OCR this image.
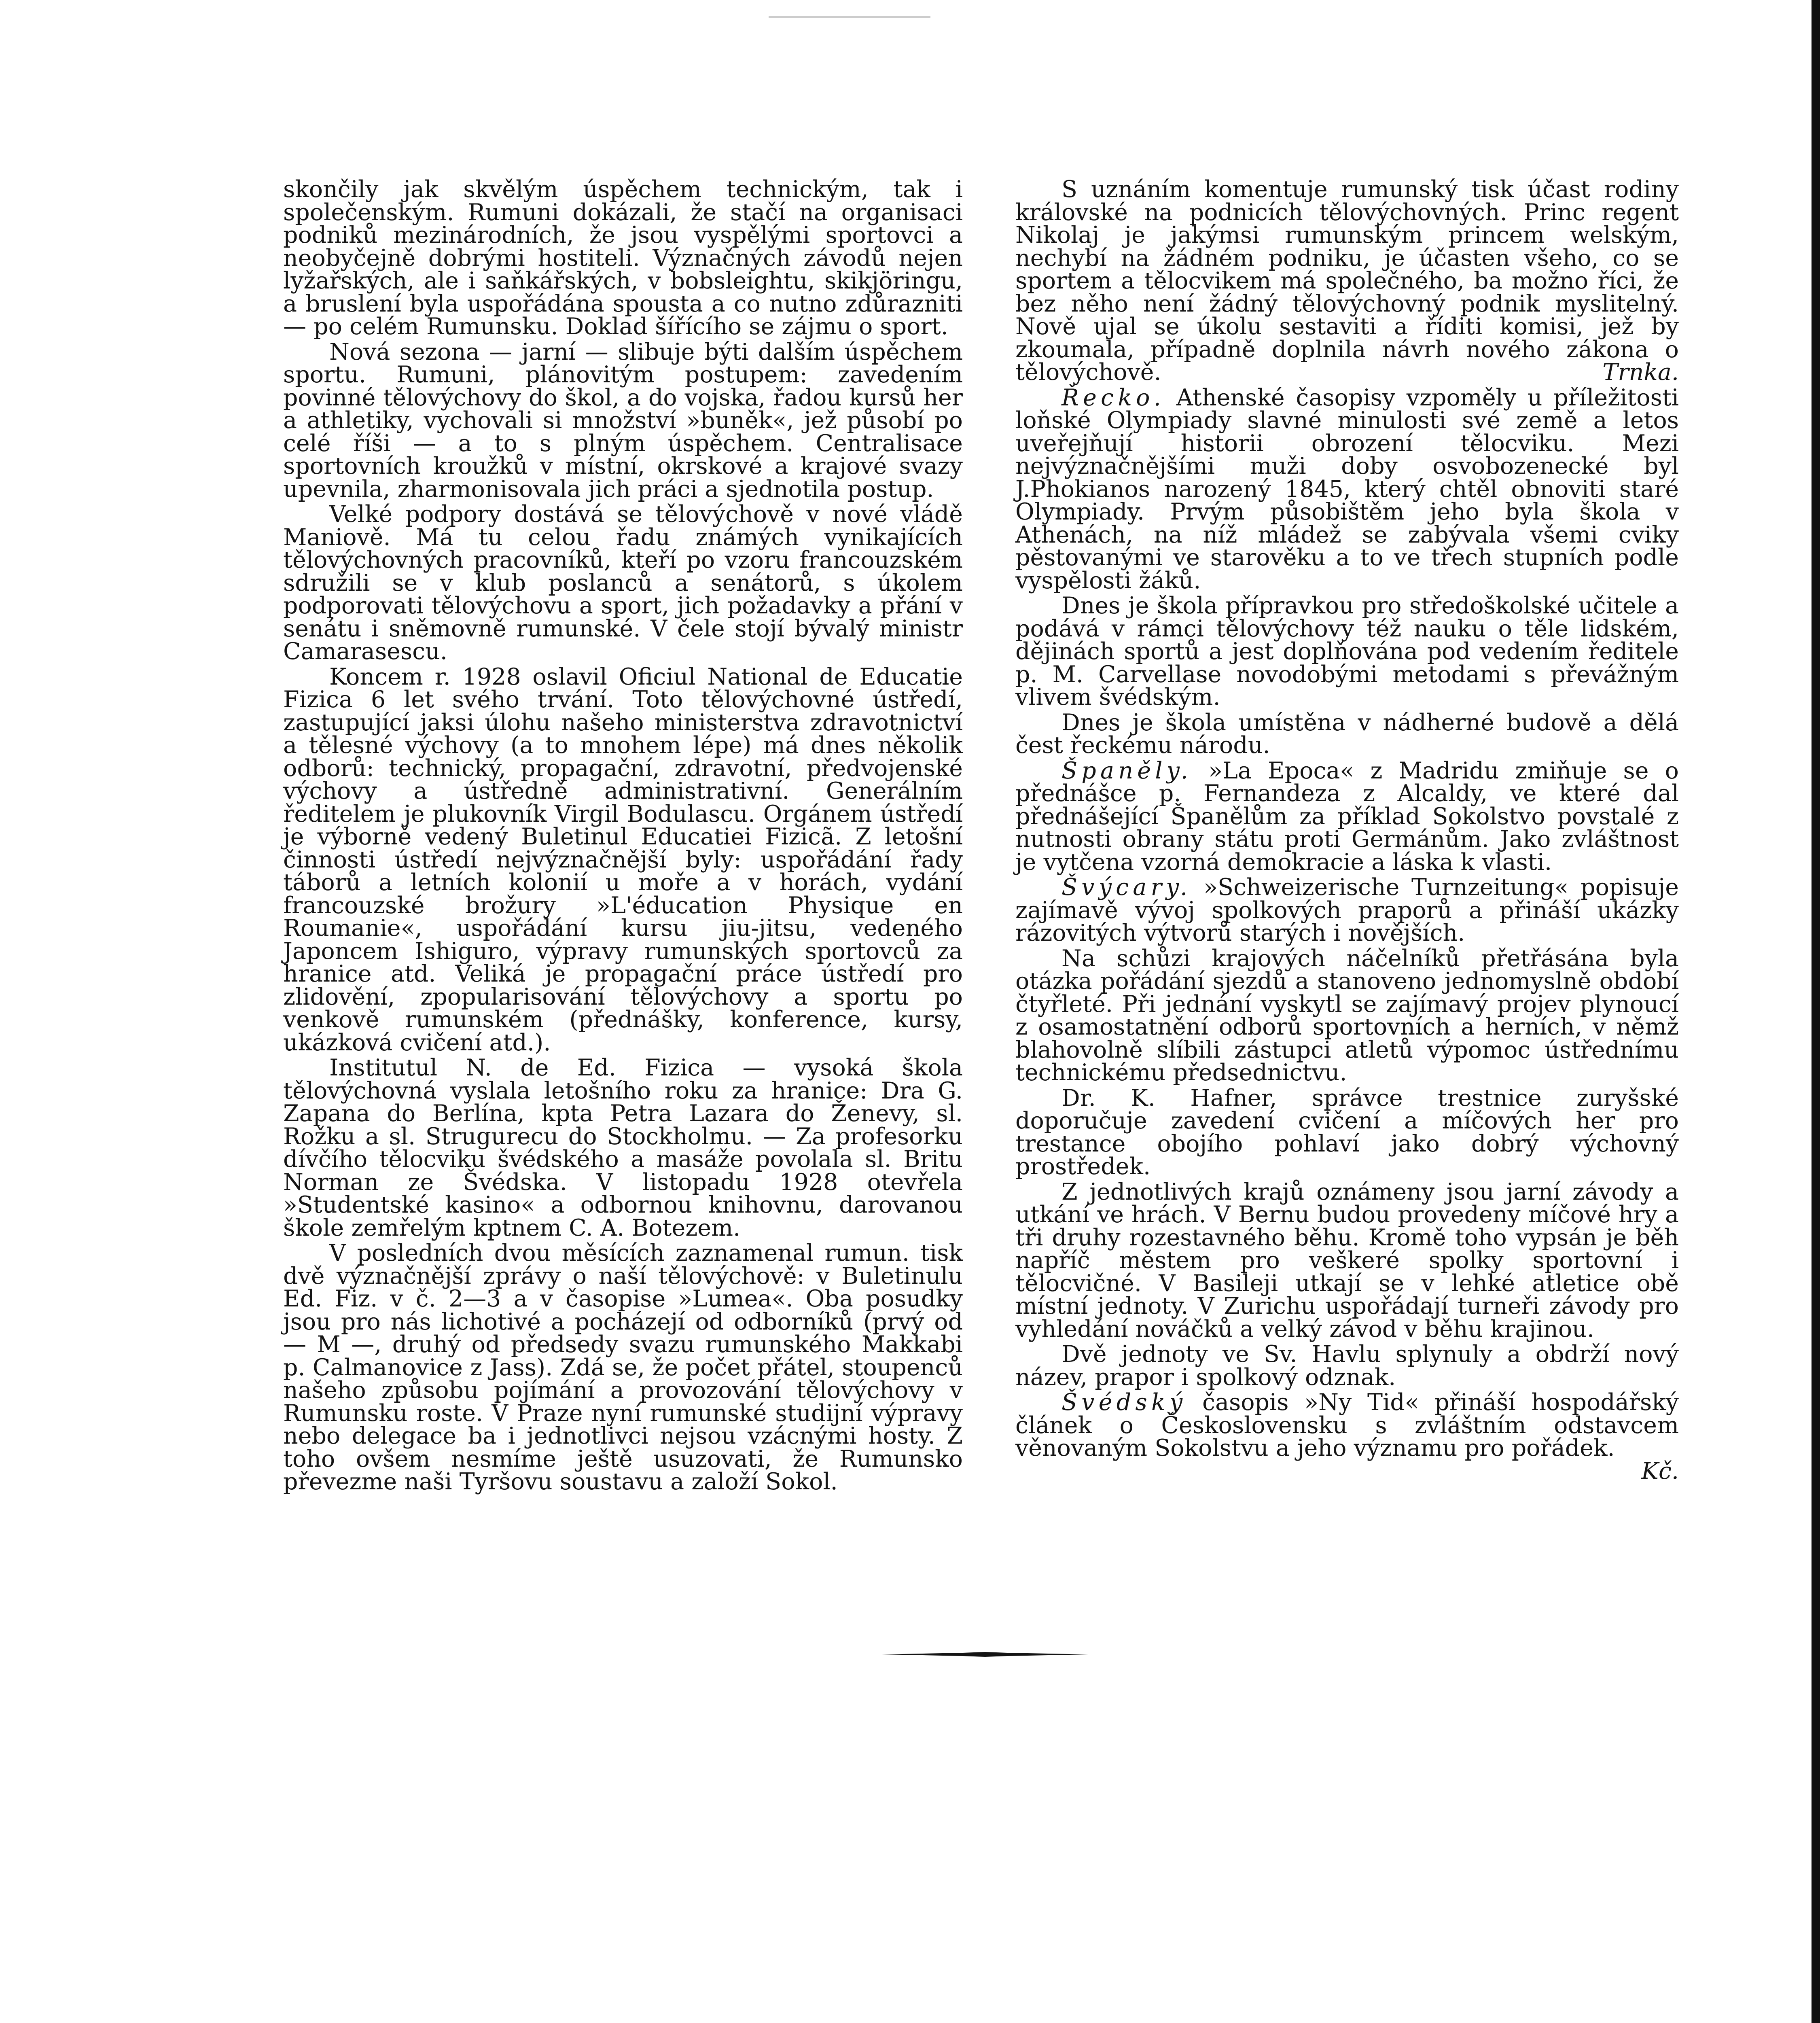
skončily jak skvělým úspěchem technickým, tak i společenským. Rumuni dokázali, že stačí na organisaci podniků mezinárodních, že jsou vyspělými sportovci a neobyčejně dobrými hostiteli. Význačných závodů nejen lyžařských, ale i saňkářských, v bobsleightu, skikjöringu, a bruslení byla uspořádána spousta a co nutno zdůrazniti — po celém Rumunsku. Doklad šířícího se zájmu o sport.

Nová sezona — jarní — slibuje býti dalším úspěchem sportu. Rumuni, plánovitým postupem: zavedením povinné tělovýchovy do škol, a do vojska, řadou kursů her a athletiky, vychovali si množství »buněk«, jež působí po celé říši — a to s plným úspěchem. Centralisace sportovních kroužků v místní, okrskové a krajové svazy upevnila, zharmonisovala jich práci a sjednotila postup.

Velké podpory dostává se tělovýchově v nové vládě Maniově. Má tu celou řadu známých vynikajících tělovýchovných pracovníků, kteří po vzoru francouzském sdružili se v klub poslanců a senátorů, s úkolem podporovati tělovýchovu a sport, jich požadavky a přání v senátu i sněmovně rumunské. V čele stojí bývalý ministr Camarasescu.

Koncem r. 1928 oslavil Oficiul National de Educatie Fizica 6 let svého trvání. Toto tělovýchovné ústředí, zastupující jaksi úlohu našeho ministerstva zdravotnictví a tělesné výchovy (a to mnohem lépe) má dnes několik odborů: technický, propagační, zdravotní, předvojenské výchovy a ústředně administrativní. Generálním ředitelem je plukovník Virgil Bodulascu. Orgánem ústředí je výborně vedený Buletinul Educatiei Fizicã. Z letošní činnosti ústředí nejvýznačnější byly: uspořádání řady táborů a letních kolonií u moře a v horách, vydání francouzské brožury »L'éducation Physique en Roumanie«, uspořádání kursu jiu-jitsu, vedeného Japoncem Ishiguro, výpravy rumunských sportovců za hranice atd. Veliká je propagační práce ústředí pro zlidovění, zpopularisování tělovýchovy a sportu po venkově rumunském (přednášky, konference, kursy, ukázková cvičení atd.).

Institutul N. de Ed. Fizica — vysoká škola tělovýchovná vyslala letošního roku za hranice: Dra G. Zapana do Berlína, kpta Petra Lazara do Ženevy, sl. Rožku a sl. Strugurecu do Stockholmu. — Za profesorku dívčího tělocviku švédského a masáže povolala sl. Britu Norman ze Švédska. V listopadu 1928 otevřela »Studentské kasino« a odbornou knihovnu, darovanou škole zemřelým kptnem C. A. Botezem.

V posledních dvou měsících zaznamenal rumun. tisk dvě význačnější zprávy o naší tělovýchově: v Buletinulu Ed. Fiz. v č. 2—3 a v časopise »Lumea«. Oba posudky jsou pro nás lichotivé a pocházejí od odborníků (prvý od — M —, druhý od předsedy svazu rumunského Makkabi p. Calmanovice z Jass). Zdá se, že počet přátel, stoupenců našeho způsobu pojímání a provozování tělovýchovy v Rumunsku roste. V Praze nyní rumunské studijní výpravy nebo delegace ba i jednotlivci nejsou vzácnými hosty. Z toho ovšem nesmíme ještě usuzovati, že Rumunsko převezme naši Tyršovu soustavu a založí Sokol.

S uznáním komentuje rumunský tisk účast rodiny královské na podnicích tělovýchovných. Princ regent Nikolaj je jakýmsi rumunským princem welským, nechybí na žádném podniku, je účasten všeho, co se sportem a tělocvikem má společného, ba možno říci, že bez něho není žádný tělovýchovný podnik myslitelný. Nově ujal se úkolu sestaviti a říditi komisi, jež by zkoumala, případně doplnila návrh nového zákona o tělovýchově.	Trnka.

Řecko. Athenské časopisy vzpoměly u příležitosti loňské Olympiady slavné minulosti své země a letos uveřejňují historii obrození tělocviku. Mezi nejvýznačnějšími muži doby osvobozenecké byl J.Phokianos narozený 1845, který chtěl obnoviti staré Olympiady. Prvým působištěm jeho byla škola v Athenách, na níž mládež se zabývala všemi cviky pěstovanými ve starověku a to ve třech stupních podle vyspělosti žáků.

Dnes je škola přípravkou pro středoškolské učitele a podává v rámci tělovýchovy též nauku o těle lidském, dějinách sportů a jest doplňována pod vedením ředitele p. M. Carvellase novodobými metodami s převážným vlivem švédským.

Dnes je škola umístěna v nádherné budově a dělá čest řeckému národu.

Španěly. »La Epoca« z Madridu zmiňuje se o přednášce p. Fernandeza z Alcaldy, ve které dal přednášející Španělům za příklad Sokolstvo povstalé z nutnosti obrany státu proti Germánům. Jako zvláštnost je vytčena vzorná demokracie a láska k vlasti.

Švýcary. »Schweizerische Turnzeitung« popisuje zajímavě vývoj spolkových praporů a přináší ukázky rázovitých výtvorů starých i novějších.

Na schůzi krajových náčelníků přetřásána byla otázka pořádání sjezdů a stanoveno jednomyslně období čtyřleté. Při jednání vyskytl se zajímavý projev plynoucí z osamostatnění odborů sportovních a herních, v němž blahovolně slíbili zástupci atletů výpomoc ústřednímu technickému předsednictvu.

Dr. K. Hafner, správce trestnice zuryšské doporučuje zavedení cvičení a míčových her pro trestance obojího pohlaví jako dobrý výchovný prostředek.

Z jednotlivých krajů oznámeny jsou jarní závody a utkání ve hrách. V Bernu budou provedeny míčové hry a tři druhy rozestavného běhu. Kromě toho vypsán je běh napříč městem pro veškeré spolky sportovní i tělocvičné. V Basileji utkají se v lehké atletice obě místní jednoty. V Zurichu uspořádají turneři závody pro vyhledání nováčků a velký závod v běhu krajinou.

Dvě jednoty ve Sv. Havlu splynuly a obdrží nový název, prapor i spolkový odznak.

Švédský časopis »Ny Tid« přináší hospodářský článek o Československu s zvláštním odstavcem věnovaným Sokolstvu a jeho významu pro pořádek.
Kč.
